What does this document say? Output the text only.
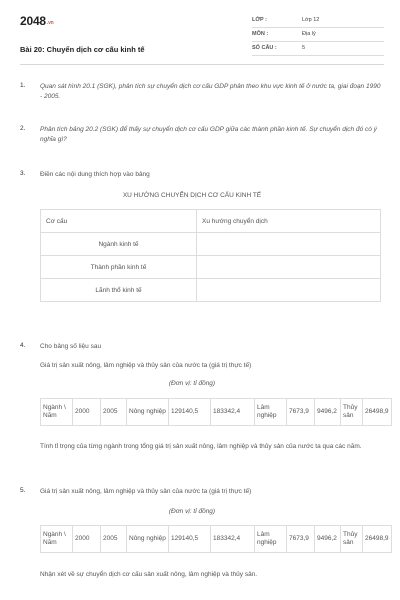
2048.vn
Bài 20: Chuyển dịch cơ cấu kinh tế
LỚP :	Lớp 12
MÔN :	Địa lý
SỐ CÂU :	5
1. Quan sát hình 20.1 (SGK), phân tích sự chuyển dịch cơ cấu GDP phân theo khu vực kinh tế ở nước ta, giai đoạn 1990 - 2005.
2. Phân tích bảng 20.2 (SGK) để thấy sự chuyển dịch cơ cấu GDP giữa các thành phần kinh tế. Sự chuyển dịch đó có ý nghĩa gì?
3. Điền các nội dung thích hợp vào bảng
XU HƯỚNG CHUYỂN DỊCH CƠ CẤU KINH TẾ
Cơ cấu	Xu hướng chuyển dịch
Ngành kinh tế	
Thành phần kinh tế	
Lãnh thổ kinh tế	
4. Cho bảng số liệu sau
Giá trị sản xuất nông, lâm nghiệp và thủy sản của nước ta (giá trị thực tế)
(Đơn vị: tỉ đồng)
Ngành \ Năm	2000	2005	Nông nghiệp	129140,5	183342,4	Lâm nghiệp	7673,9	9496,2	Thủy sản	26498,9
Tính tỉ trọng của từng ngành trong tổng giá trị sản xuất nông, lâm nghiệp và thủy sản của nước ta qua các năm.
5. Giá trị sản xuất nông, lâm nghiệp và thủy sản của nước ta (giá trị thực tế)
(Đơn vị: tỉ đồng)
Ngành \ Năm	2000	2005	Nông nghiệp	129140,5	183342,4	Lâm nghiệp	7673,9	9496,2	Thủy sản	26498,9
Nhận xét về sự chuyển dịch cơ cấu sản xuất nông, lâm nghiệp và thủy sản.
